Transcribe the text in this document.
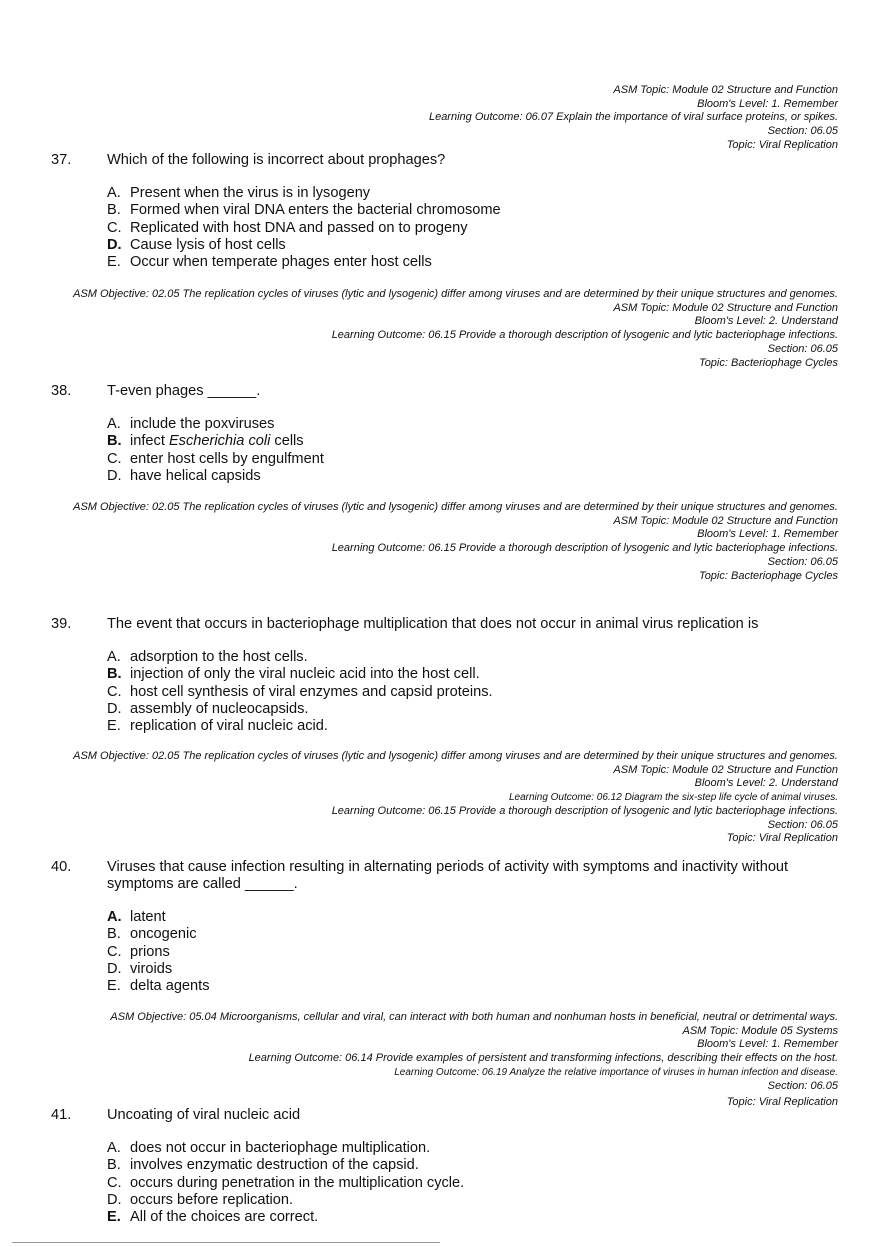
ASM Topic: Module 02 Structure and Function
Bloom's Level: 1. Remember
Learning Outcome: 06.07 Explain the importance of viral surface proteins, or spikes.
Section: 06.05
Topic: Viral Replication
37. Which of the following is incorrect about prophages?
A. Present when the virus is in lysogeny
B. Formed when viral DNA enters the bacterial chromosome
C. Replicated with host DNA and passed on to progeny
D. Cause lysis of host cells
E. Occur when temperate phages enter host cells
ASM Objective: 02.05 The replication cycles of viruses (lytic and lysogenic) differ among viruses and are determined by their unique structures and genomes.
ASM Topic: Module 02 Structure and Function
Bloom's Level: 2. Understand
Learning Outcome: 06.15 Provide a thorough description of lysogenic and lytic bacteriophage infections.
Section: 06.05
Topic: Bacteriophage Cycles
38. T-even phages ______.
A. include the poxviruses
B. infect Escherichia coli cells
C. enter host cells by engulfment
D. have helical capsids
ASM Objective: 02.05 The replication cycles of viruses (lytic and lysogenic) differ among viruses and are determined by their unique structures and genomes.
ASM Topic: Module 02 Structure and Function
Bloom's Level: 1. Remember
Learning Outcome: 06.15 Provide a thorough description of lysogenic and lytic bacteriophage infections.
Section: 06.05
Topic: Bacteriophage Cycles
39. The event that occurs in bacteriophage multiplication that does not occur in animal virus replication is
A. adsorption to the host cells.
B. injection of only the viral nucleic acid into the host cell.
C. host cell synthesis of viral enzymes and capsid proteins.
D. assembly of nucleocapsids.
E. replication of viral nucleic acid.
ASM Objective: 02.05 The replication cycles of viruses (lytic and lysogenic) differ among viruses and are determined by their unique structures and genomes.
ASM Topic: Module 02 Structure and Function
Bloom's Level: 2. Understand
Learning Outcome: 06.12 Diagram the six-step life cycle of animal viruses.
Learning Outcome: 06.15 Provide a thorough description of lysogenic and lytic bacteriophage infections.
Section: 06.05
Topic: Viral Replication
40. Viruses that cause infection resulting in alternating periods of activity with symptoms and inactivity without symptoms are called ______.
A. latent
B. oncogenic
C. prions
D. viroids
E. delta agents
ASM Objective: 05.04 Microorganisms, cellular and viral, can interact with both human and nonhuman hosts in beneficial, neutral or detrimental ways.
ASM Topic: Module 05 Systems
Bloom's Level: 1. Remember
Learning Outcome: 06.14 Provide examples of persistent and transforming infections, describing their effects on the host.
Learning Outcome: 06.19 Analyze the relative importance of viruses in human infection and disease.
Section: 06.05
Topic: Viral Replication
41. Uncoating of viral nucleic acid
A. does not occur in bacteriophage multiplication.
B. involves enzymatic destruction of the capsid.
C. occurs during penetration in the multiplication cycle.
D. occurs before replication.
E. All of the choices are correct.
